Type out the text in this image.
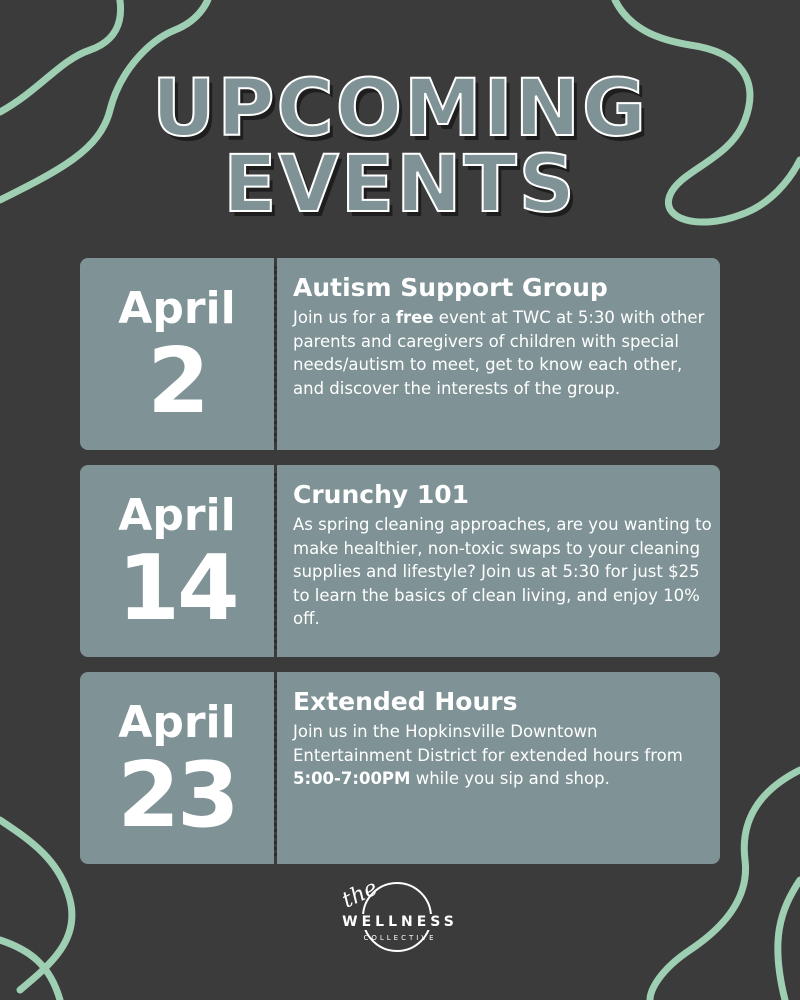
UPCOMING
EVENTS
April
2
Autism Support Group
Join us for a free event at TWC at 5:30 with other parents and caregivers of children with special needs/autism to meet, get to know each other, and discover the interests of the group.
April
14
Crunchy 101
As spring cleaning approaches, are you wanting to make healthier, non-toxic swaps to your cleaning supplies and lifestyle? Join us at 5:30 for just $25 to learn the basics of clean living, and enjoy 10% off.
April
23
Extended Hours
Join us in the Hopkinsville Downtown Entertainment District for extended hours from 5:00-7:00PM while you sip and shop.
the
WELLNESS
COLLECTIVE
